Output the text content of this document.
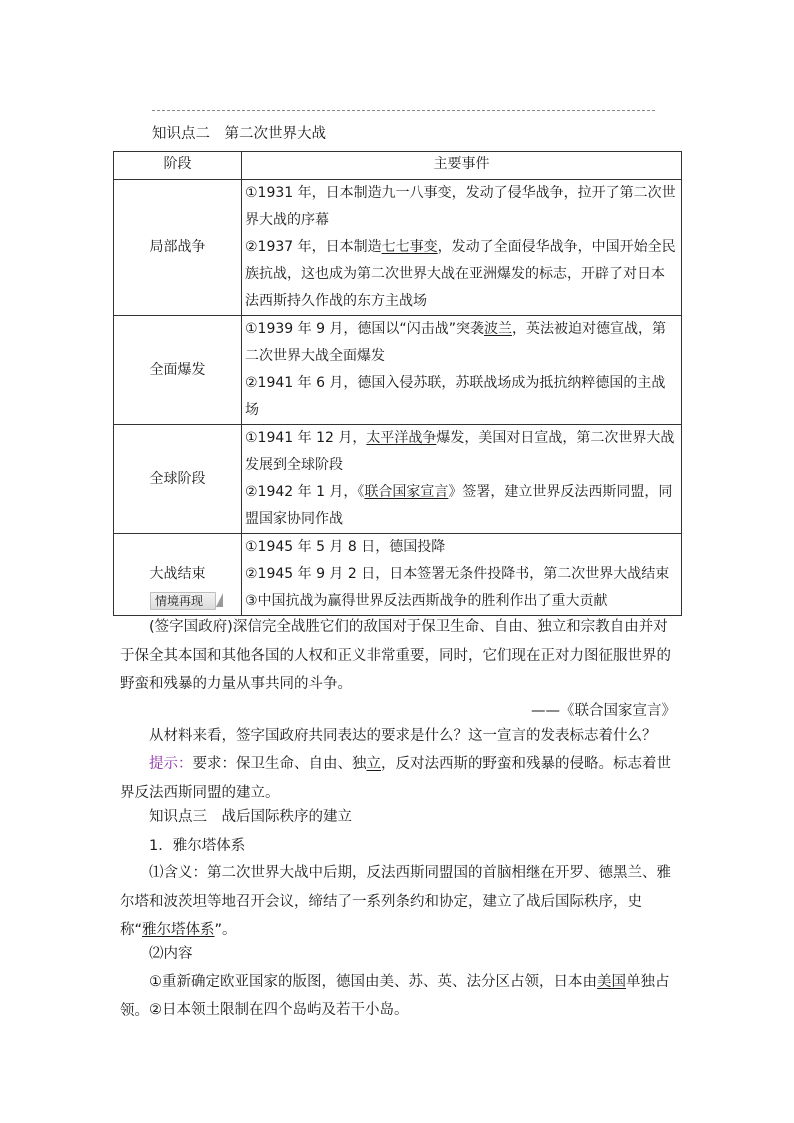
知识点二　第二次世界大战
阶段	主要事件
局部战争	①1931 年，日本制造九一八事变，发动了侵华战争，拉开了第二次世界大战的序幕
②1937 年，日本制造七七事变，发动了全面侵华战争，中国开始全民族抗战，这也成为第二次世界大战在亚洲爆发的标志，开辟了对日本法西斯持久作战的东方主战场

全面爆发	①1939 年 9 月，德国以“闪击战”突袭波兰，英法被迫对德宣战，第二次世界大战全面爆发
②1941 年 6 月，德国入侵苏联，苏联战场成为抵抗纳粹德国的主战场

全球阶段	①1941 年 12 月，太平洋战争爆发，美国对日宣战，第二次世界大战发展到全球阶段
②1942 年 1 月，《联合国家宣言》签署，建立世界反法西斯同盟，同盟国家协同作战

大战结束	①1945 年 5 月 8 日，德国投降
②1945 年 9 月 2 日，日本签署无条件投降书，第二次世界大战结束
③中国抗战为赢得世界反法西斯战争的胜利作出了重大贡献
情境再现
(签字国政府)深信完全战胜它们的敌国对于保卫生命、自由、独立和宗教自由并对于保全其本国和其他各国的人权和正义非常重要，同时，它们现在正对力图征服世界的野蛮和残暴的力量从事共同的斗争。
——《联合国家宣言》
从材料来看，签字国政府共同表达的要求是什么？这一宣言的发表标志着什么？
提示：要求：保卫生命、自由、独立，反对法西斯的野蛮和残暴的侵略。标志着世界反法西斯同盟的建立。
知识点三　战后国际秩序的建立
1．雅尔塔体系
⑴含义：第二次世界大战中后期，反法西斯同盟国的首脑相继在开罗、德黑兰、雅尔塔和波茨坦等地召开会议，缔结了一系列条约和协定，建立了战后国际秩序，史称“雅尔塔体系”。
⑵内容
①重新确定欧亚国家的版图，德国由美、苏、英、法分区占领，日本由美国单独占领。 ②日本领土限制在四个岛屿及若干小岛。
